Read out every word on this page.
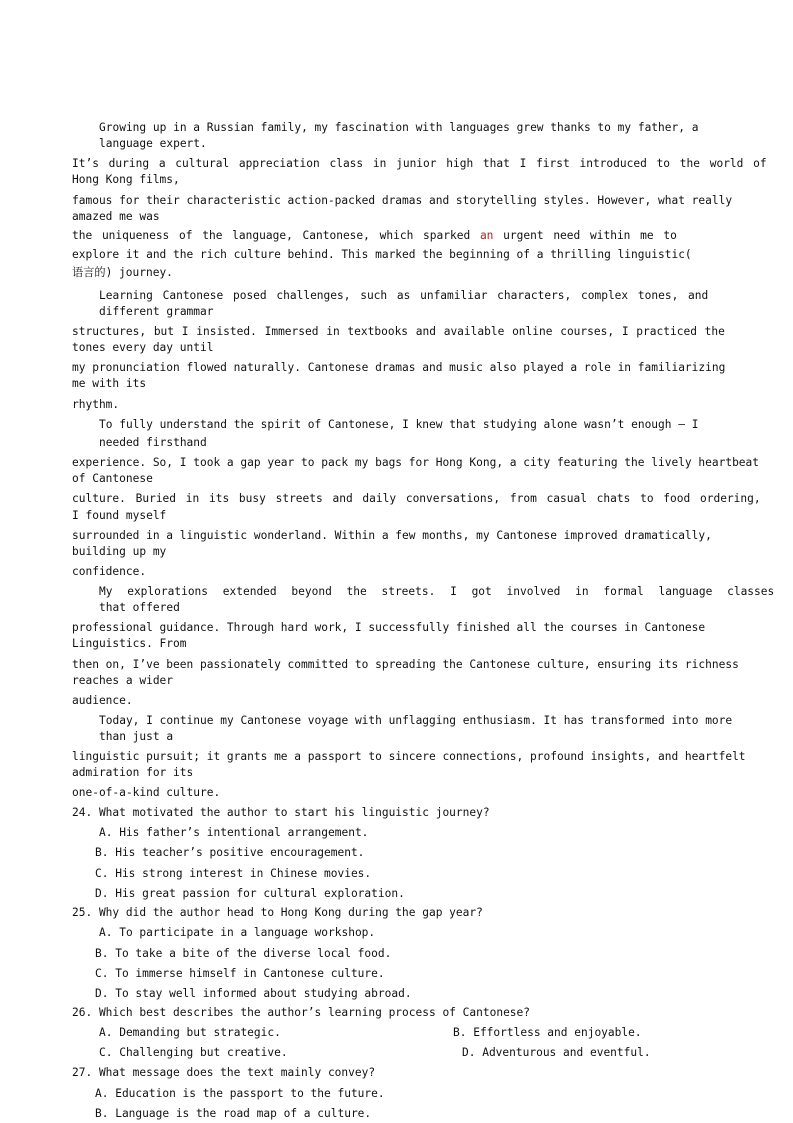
Growing up in a Russian family, my fascination with languages grew thanks to my father, a
language expert.
It’s during a cultural appreciation class in junior high that I first introduced to the world of
Hong Kong films,
famous for their characteristic action-packed dramas and storytelling styles. However, what really
amazed me was
the uniqueness of the language, Cantonese, which sparked an urgent need within me to
explore it and the rich culture behind. This marked the beginning of a thrilling linguistic(
语言的) journey.
Learning Cantonese posed challenges, such as unfamiliar characters, complex tones, and
different grammar
structures, but I insisted. Immersed in textbooks and available online courses, I practiced the
tones every day until
my pronunciation flowed naturally. Cantonese dramas and music also played a role in familiarizing
me with its
rhythm.
To fully understand the spirit of Cantonese, I knew that studying alone wasn’t enough — I
needed firsthand
experience. So, I took a gap year to pack my bags for Hong Kong, a city featuring the lively heartbeat
of Cantonese
culture. Buried in its busy streets and daily conversations, from casual chats to food ordering,
I found myself
surrounded in a linguistic wonderland. Within a few months, my Cantonese improved dramatically,
building up my
confidence.
My explorations extended beyond the streets. I got involved in formal language classes
that offered
professional guidance. Through hard work, I successfully finished all the courses in Cantonese
Linguistics. From
then on, I’ve been passionately committed to spreading the Cantonese culture, ensuring its richness
reaches a wider
audience.
Today, I continue my Cantonese voyage with unflagging enthusiasm. It has transformed into more
than just a
linguistic pursuit; it grants me a passport to sincere connections, profound insights, and heartfelt
admiration for its
one-of-a-kind culture.
24. What motivated the author to start his linguistic journey?
A. His father’s intentional arrangement.
B. His teacher’s positive encouragement.
C. His strong interest in Chinese movies.
D. His great passion for cultural exploration.
25. Why did the author head to Hong Kong during the gap year?
A. To participate in a language workshop.
B. To take a bite of the diverse local food.
C. To immerse himself in Cantonese culture.
D. To stay well informed about studying abroad.
26. Which best describes the author’s learning process of Cantonese?
A. Demanding but strategic.	B. Effortless and enjoyable.
C. Challenging but creative.	D. Adventurous and eventful.
27. What message does the text mainly convey?
A. Education is the passport to the future.
B. Language is the road map of a culture.
